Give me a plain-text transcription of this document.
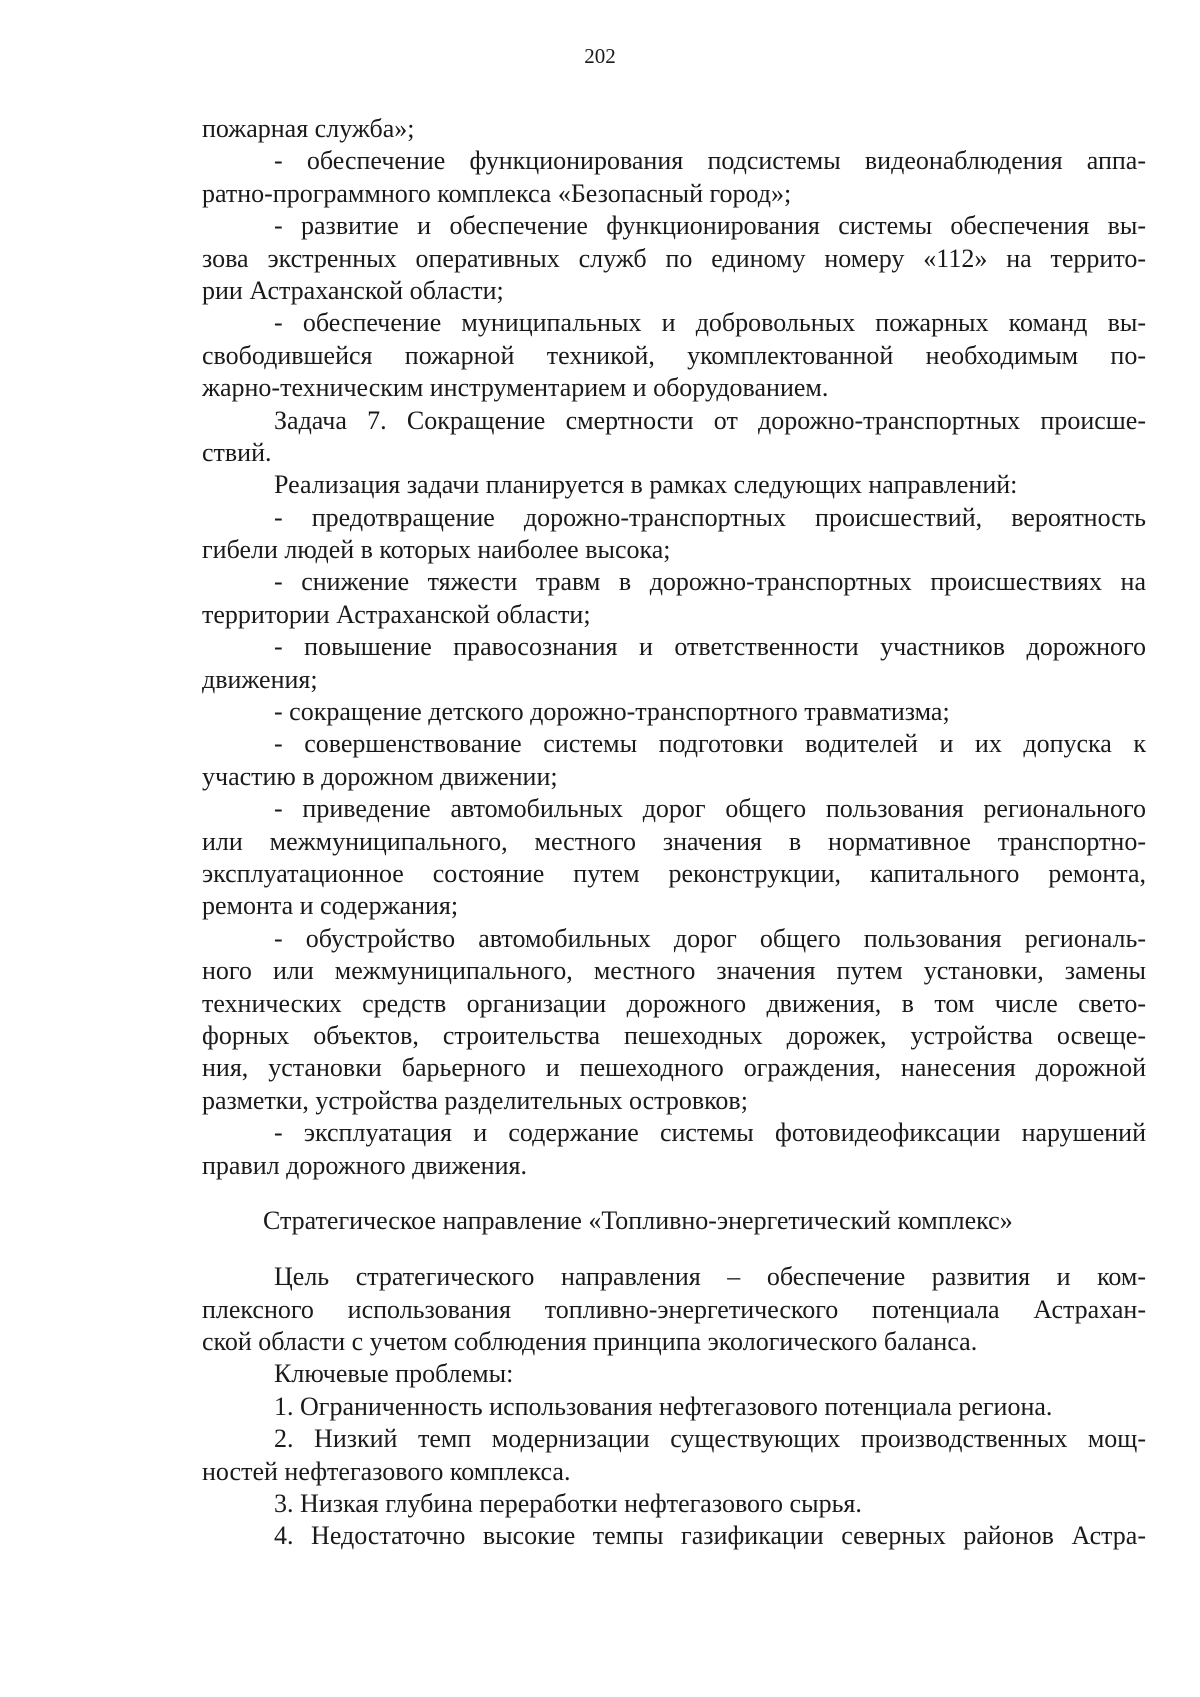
202
пожарная служба»;
- обеспечение функционирования подсистемы видеонаблюдения аппа-
ратно-программного комплекса «Безопасный город»;
- развитие и обеспечение функционирования системы обеспечения вы-
зова экстренных оперативных служб по единому номеру «112» на террито-
рии Астраханской области;
- обеспечение муниципальных и добровольных пожарных команд вы-
свободившейся пожарной техникой, укомплектованной необходимым по-
жарно-техническим инструментарием и оборудованием.
Задача 7. Сокращение смертности от дорожно-транспортных происше-
ствий.
Реализация задачи планируется в рамках следующих направлений:
- предотвращение дорожно-транспортных происшествий, вероятность
гибели людей в которых наиболее высока;
- снижение тяжести травм в дорожно-транспортных происшествиях на
территории Астраханской области;
- повышение правосознания и ответственности участников дорожного
движения;
- сокращение детского дорожно-транспортного травматизма;
- совершенствование системы подготовки водителей и их допуска к
участию в дорожном движении;
- приведение автомобильных дорог общего пользования регионального
или межмуниципального, местного значения в нормативное транспортно-
эксплуатационное состояние путем реконструкции, капитального ремонта,
ремонта и содержания;
- обустройство автомобильных дорог общего пользования региональ-
ного или межмуниципального, местного значения путем установки, замены
технических средств организации дорожного движения, в том числе свето-
форных объектов, строительства пешеходных дорожек, устройства освеще-
ния, установки барьерного и пешеходного ограждения, нанесения дорожной
разметки, устройства разделительных островков;
- эксплуатация и содержание системы фотовидеофиксации нарушений
правил дорожного движения.
Стратегическое направление «Топливно-энергетический комплекс»
Цель стратегического направления – обеспечение развития и ком-
плексного использования топливно-энергетического потенциала Астрахан-
ской области с учетом соблюдения принципа экологического баланса.
Ключевые проблемы:
1. Ограниченность использования нефтегазового потенциала региона.
2. Низкий темп модернизации существующих производственных мощ-
ностей нефтегазового комплекса.
3. Низкая глубина переработки нефтегазового сырья.
4. Недостаточно высокие темпы газификации северных районов Астра-
